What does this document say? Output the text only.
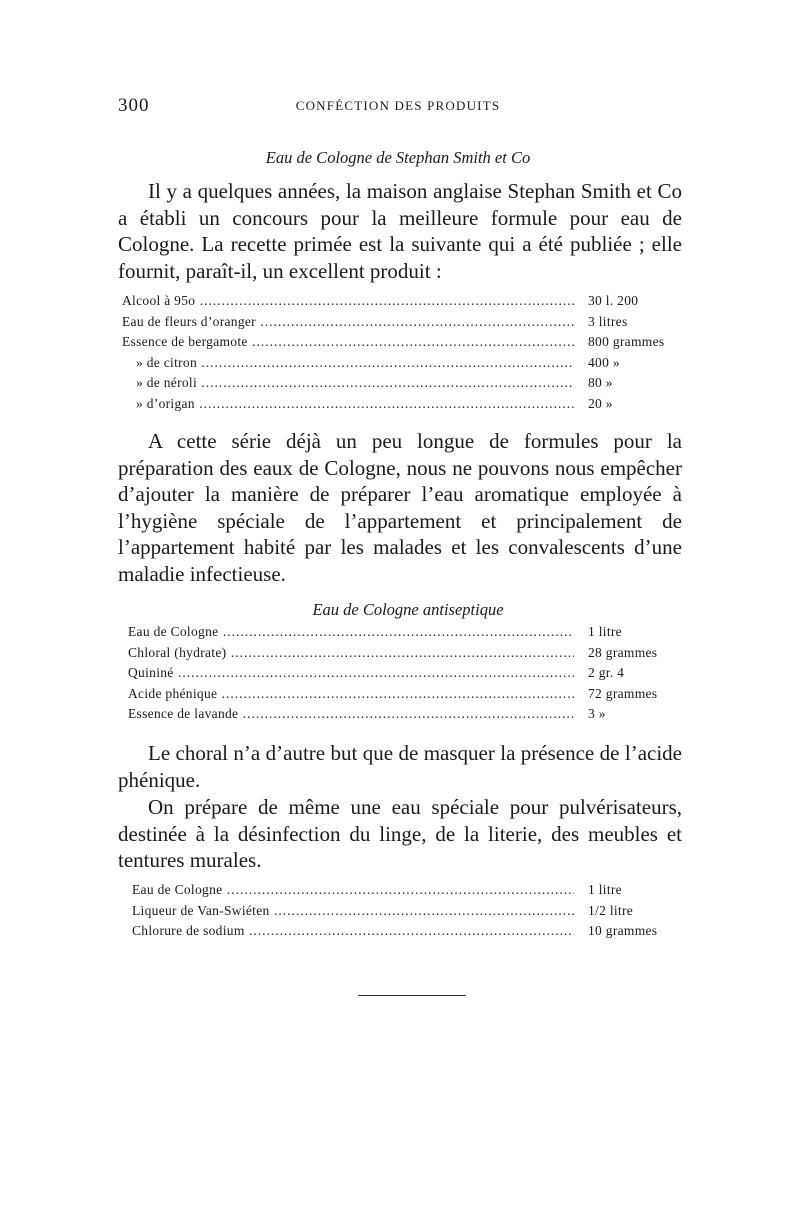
300	CONFÉCTION DES PRODUITS
Eau de Cologne de Stephan Smith et Co

Il y a quelques années, la maison anglaise Stephan Smith et Co a établi un concours pour la meilleure formule pour eau de Cologne. La recette primée est la suivante qui a été publiée ; elle fournit, paraît-il, un excellent produit :

Alcool à 95o .....	30 l. 200
Eau de fleurs d’oranger .....	3 litres
Essence de bergamote .....	800 grammes
» de citron .....	400 »
» de néroli .....	80 »
» d’origan .....	20 »

A cette série déjà un peu longue de formules pour la préparation des eaux de Cologne, nous ne pouvons nous empêcher d’ajouter la manière de préparer l’eau aromatique employée à l’hygiène spéciale de l’appartement et principalement de l’appartement habité par les malades et les convalescents d’une maladie infectieuse.

Eau de Cologne antiseptique
Eau de Cologne .....	1 litre
Chloral (hydrate) .....	28 grammes
Quininé .....	2 gr. 4
Acide phénique .....	72 grammes
Essence de lavande .....	3 »

Le choral n’a d’autre but que de masquer la présence de l’acide phénique.

On prépare de même une eau spéciale pour pulvérisateurs, destinée à la désinfection du linge, de la literie, des meubles et tentures murales.

Eau de Cologne .....	1 litre
Liqueur de Van-Swiéten .....	1/2 litre
Chlorure de sodium .....	10 grammes
